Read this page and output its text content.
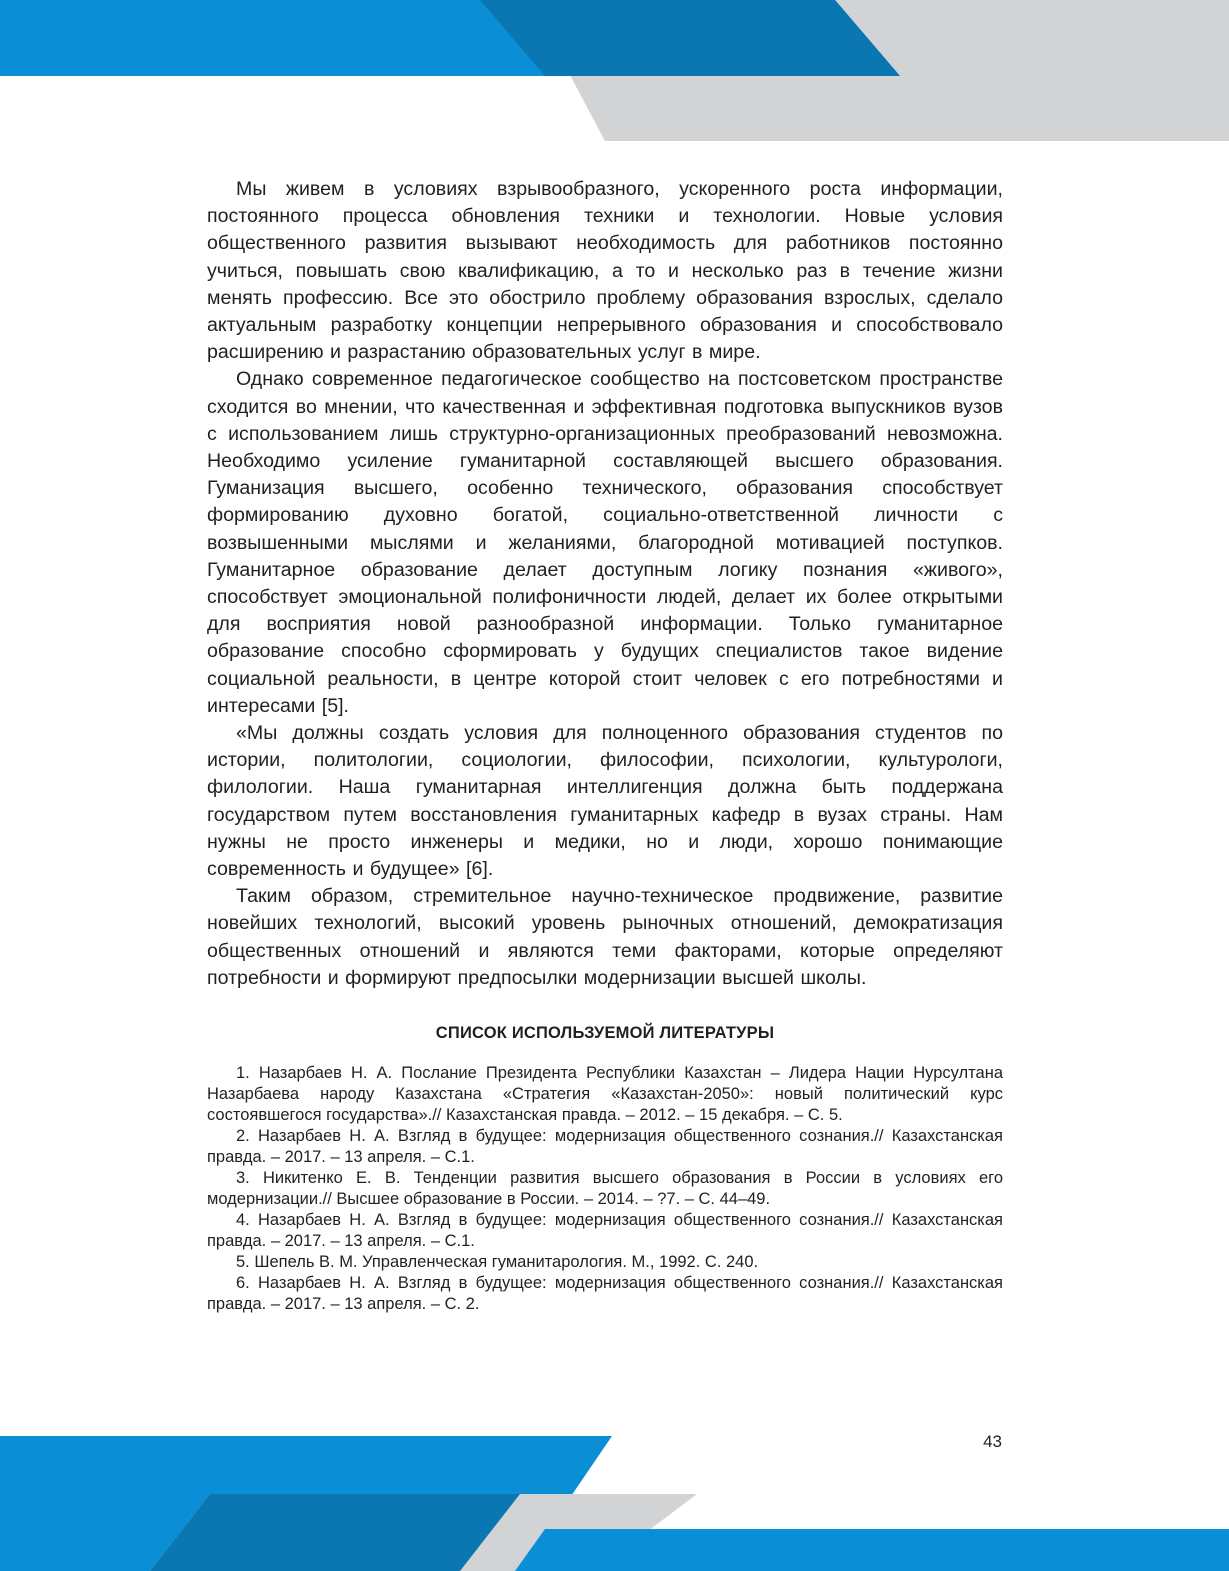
Мы живем в условиях взрывообразного, ускоренного роста информации, постоянного процесса обновления техники и технологии. Новые условия общественного развития вызывают необходимость для работников постоянно учиться, повышать свою квалификацию, а то и несколько раз в течение жизни менять профессию. Все это обострило проблему образования взрослых, сделало актуальным разработку концепции непрерывного образования и способствовало расширению и разрастанию образовательных услуг в мире.

Однако современное педагогическое сообщество на постсоветском пространстве сходится во мнении, что качественная и эффективная подготовка выпускников вузов с использованием лишь структурно-организационных преобразований невозможна. Необходимо усиление гуманитарной составляющей высшего образования. Гуманизация высшего, особенно технического, образования способствует формированию духовно богатой, социально-ответственной личности с возвышенными мыслями и желаниями, благородной мотивацией поступков. Гуманитарное образование делает доступным логику познания «живого», способствует эмоциональной полифоничности людей, делает их более открытыми для восприятия новой разнообразной информации. Только гуманитарное образование способно сформировать у будущих специалистов такое видение социальной реальности, в центре которой стоит человек с его потребностями и интересами [5].

«Мы должны создать условия для полноценного образования студентов по истории, политологии, социологии, философии, психологии, культурологи, филологии. Наша гуманитарная интеллигенция должна быть поддержана государством путем восстановления гуманитарных кафедр в вузах страны. Нам нужны не просто инженеры и медики, но и люди, хорошо понимающие современность и будущее» [6].

Таким образом, стремительное научно-техническое продвижение, развитие новейших технологий, высокий уровень рыночных отношений, демократизация общественных отношений и являются теми факторами, которые определяют потребности и формируют предпосылки модернизации высшей школы.

СПИСОК ИСПОЛЬЗУЕМОЙ ЛИТЕРАТУРЫ

1. Назарбаев Н. А. Послание Президента Республики Казахстан – Лидера Нации Нурсултана Назарбаева народу Казахстана «Стратегия «Казахстан-2050»: новый политический курс состоявшегося государства».// Казахстанская правда. – 2012. – 15 декабря. – С. 5.

2. Назарбаев Н. А. Взгляд в будущее: модернизация общественного сознания.// Казахстанская правда. – 2017. – 13 апреля. – С.1.

3. Никитенко Е. В. Тенденции развития высшего образования в России в условиях его модернизации.// Высшее образование в России. – 2014. – ?7. – С. 44–49.

4. Назарбаев Н. А. Взгляд в будущее: модернизация общественного сознания.// Казахстанская правда. – 2017. – 13 апреля. – С.1.

5. Шепель В. М. Управленческая гуманитарология. М., 1992. С. 240.

6. Назарбаев Н. А. Взгляд в будущее: модернизация общественного сознания.// Казахстанская правда. – 2017. – 13 апреля. – С. 2.

43
